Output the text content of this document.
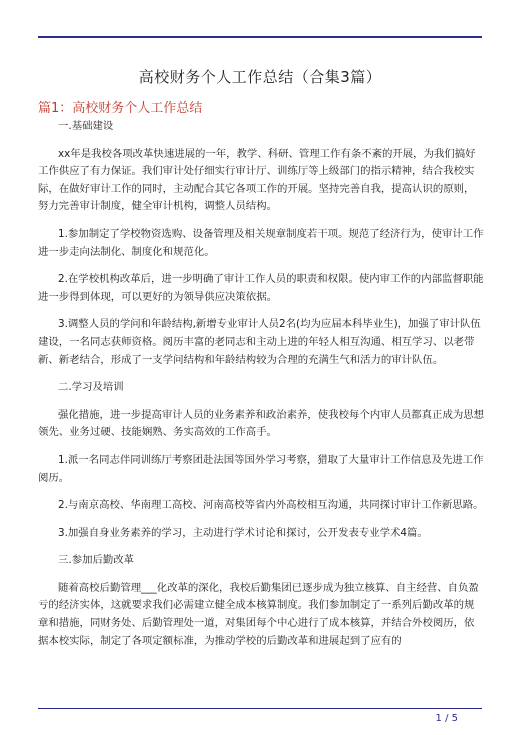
高校财务个人工作总结（合集3篇）
篇1：高校财务个人工作总结

一.基础建设

xx年是我校各项改革快速进展的一年，教学、科研、管理工作有条不紊的开展，为我们搞好工作供应了有力保证。我们审计处仔细实行审计厅、训练厅等上级部门的指示精神，结合我校实际，在做好审计工作的同时，主动配合其它各项工作的开展。坚持完善自我，提高认识的原则，努力完善审计制度，健全审计机构，调整人员结构。

1.参加制定了学校物资选购、设备管理及相关规章制度若干项。规范了经济行为，使审计工作进一步走向法制化、制度化和规范化。

2.在学校机构改革后，进一步明确了审计工作人员的职责和权限。使内审工作的内部监督职能进一步得到体现，可以更好的为领导供应决策依据。

3.调整人员的学问和年龄结构,新增专业审计人员2名(均为应届本科毕业生)，加强了审计队伍建设，一名同志获师资格。阅历丰富的老同志和主动上进的年轻人相互沟通、相互学习、以老带新、新老结合，形成了一支学问结构和年龄结构较为合理的充满生气和活力的审计队伍。

二.学习及培训

强化措施，进一步提高审计人员的业务素养和政治素养，使我校每个内审人员都真正成为思想领先、业务过硬、技能娴熟、务实高效的工作高手。

1.派一名同志伴同训练厅考察团赴法国等国外学习考察，猎取了大量审计工作信息及先进工作阅历。

2.与南京高校、华南理工高校、河南高校等省内外高校相互沟通，共同探讨审计工作新思路。

3.加强自身业务素养的学习，主动进行学术讨论和探讨，公开发表专业学术4篇。

三.参加后勤改革

随着高校后勤管理___化改革的深化，我校后勤集团已逐步成为独立核算、自主经营、自负盈亏的经济实体，这就要求我们必需建立健全成本核算制度。我们参加制定了一系列后勤改革的规章和措施，同财务处、后勤管理处一道，对集团每个中心进行了成本核算，并结合外校阅历，依据本校实际，制定了各项定额标准，为推动学校的后勤改革和进展起到了应有的

1 / 5
